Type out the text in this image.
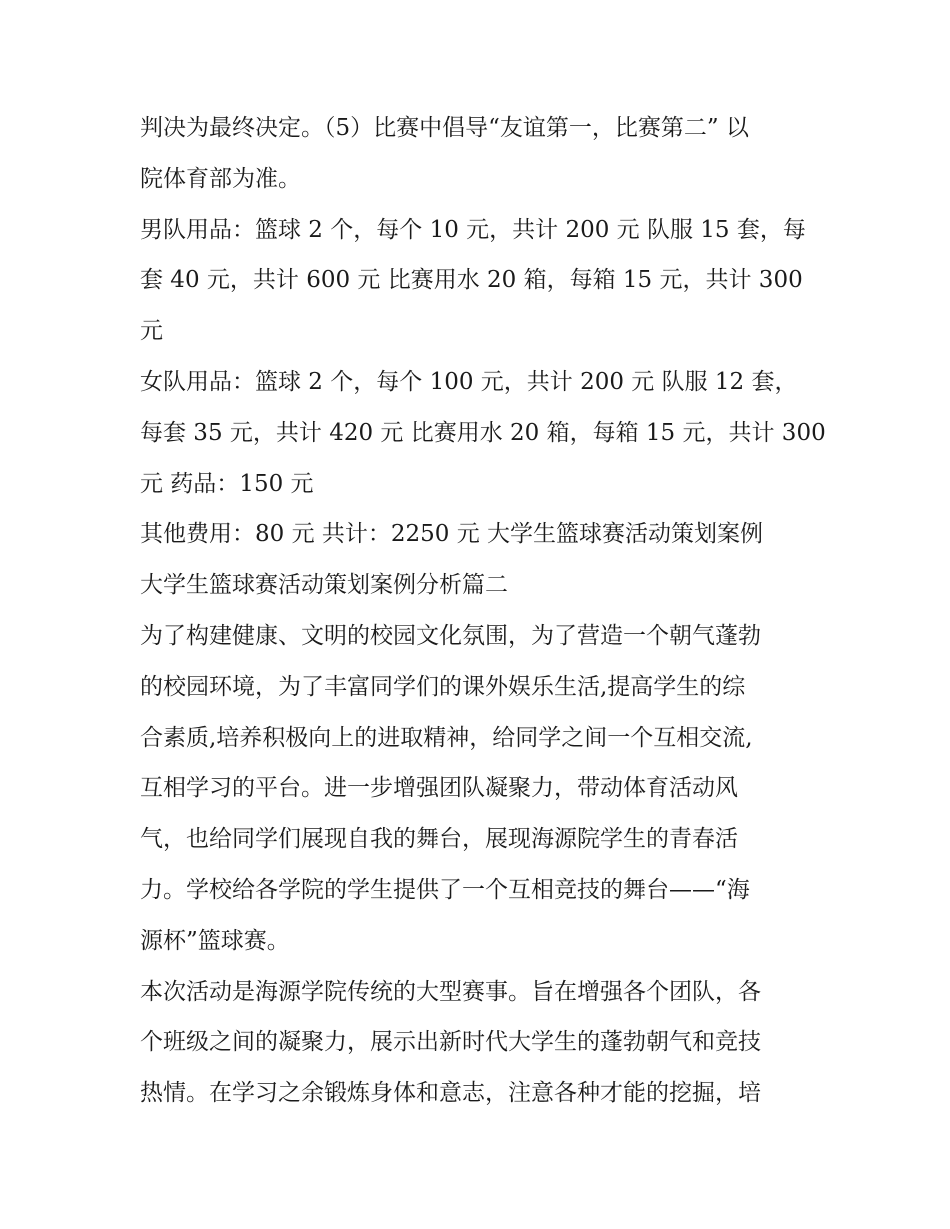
判决为最终决定。（5）比赛中倡导“友谊第一，比赛第二” 以
院体育部为准。
男队用品：篮球 2 个，每个 10 元，共计 200 元 队服 15 套，每
套 40 元，共计 600 元 比赛用水 20 箱，每箱 15 元，共计 300
元
女队用品：篮球 2 个，每个 100 元，共计 200 元 队服 12 套，
每套 35 元，共计 420 元 比赛用水 20 箱，每箱 15 元，共计 300
元 药品：150 元
其他费用：80 元 共计：2250 元 大学生篮球赛活动策划案例
大学生篮球赛活动策划案例分析篇二
为了构建健康、文明的校园文化氛围，为了营造一个朝气蓬勃
的校园环境，为了丰富同学们的课外娱乐生活,提高学生的综
合素质,培养积极向上的进取精神，给同学之间一个互相交流,
互相学习的平台。进一步增强团队凝聚力，带动体育活动风
气，也给同学们展现自我的舞台，展现海源院学生的青春活
力。学校给各学院的学生提供了一个互相竞技的舞台——“海
源杯”篮球赛。
本次活动是海源学院传统的大型赛事。旨在增强各个团队，各
个班级之间的凝聚力，展示出新时代大学生的蓬勃朝气和竞技
热情。在学习之余锻炼身体和意志，注意各种才能的挖掘，培
